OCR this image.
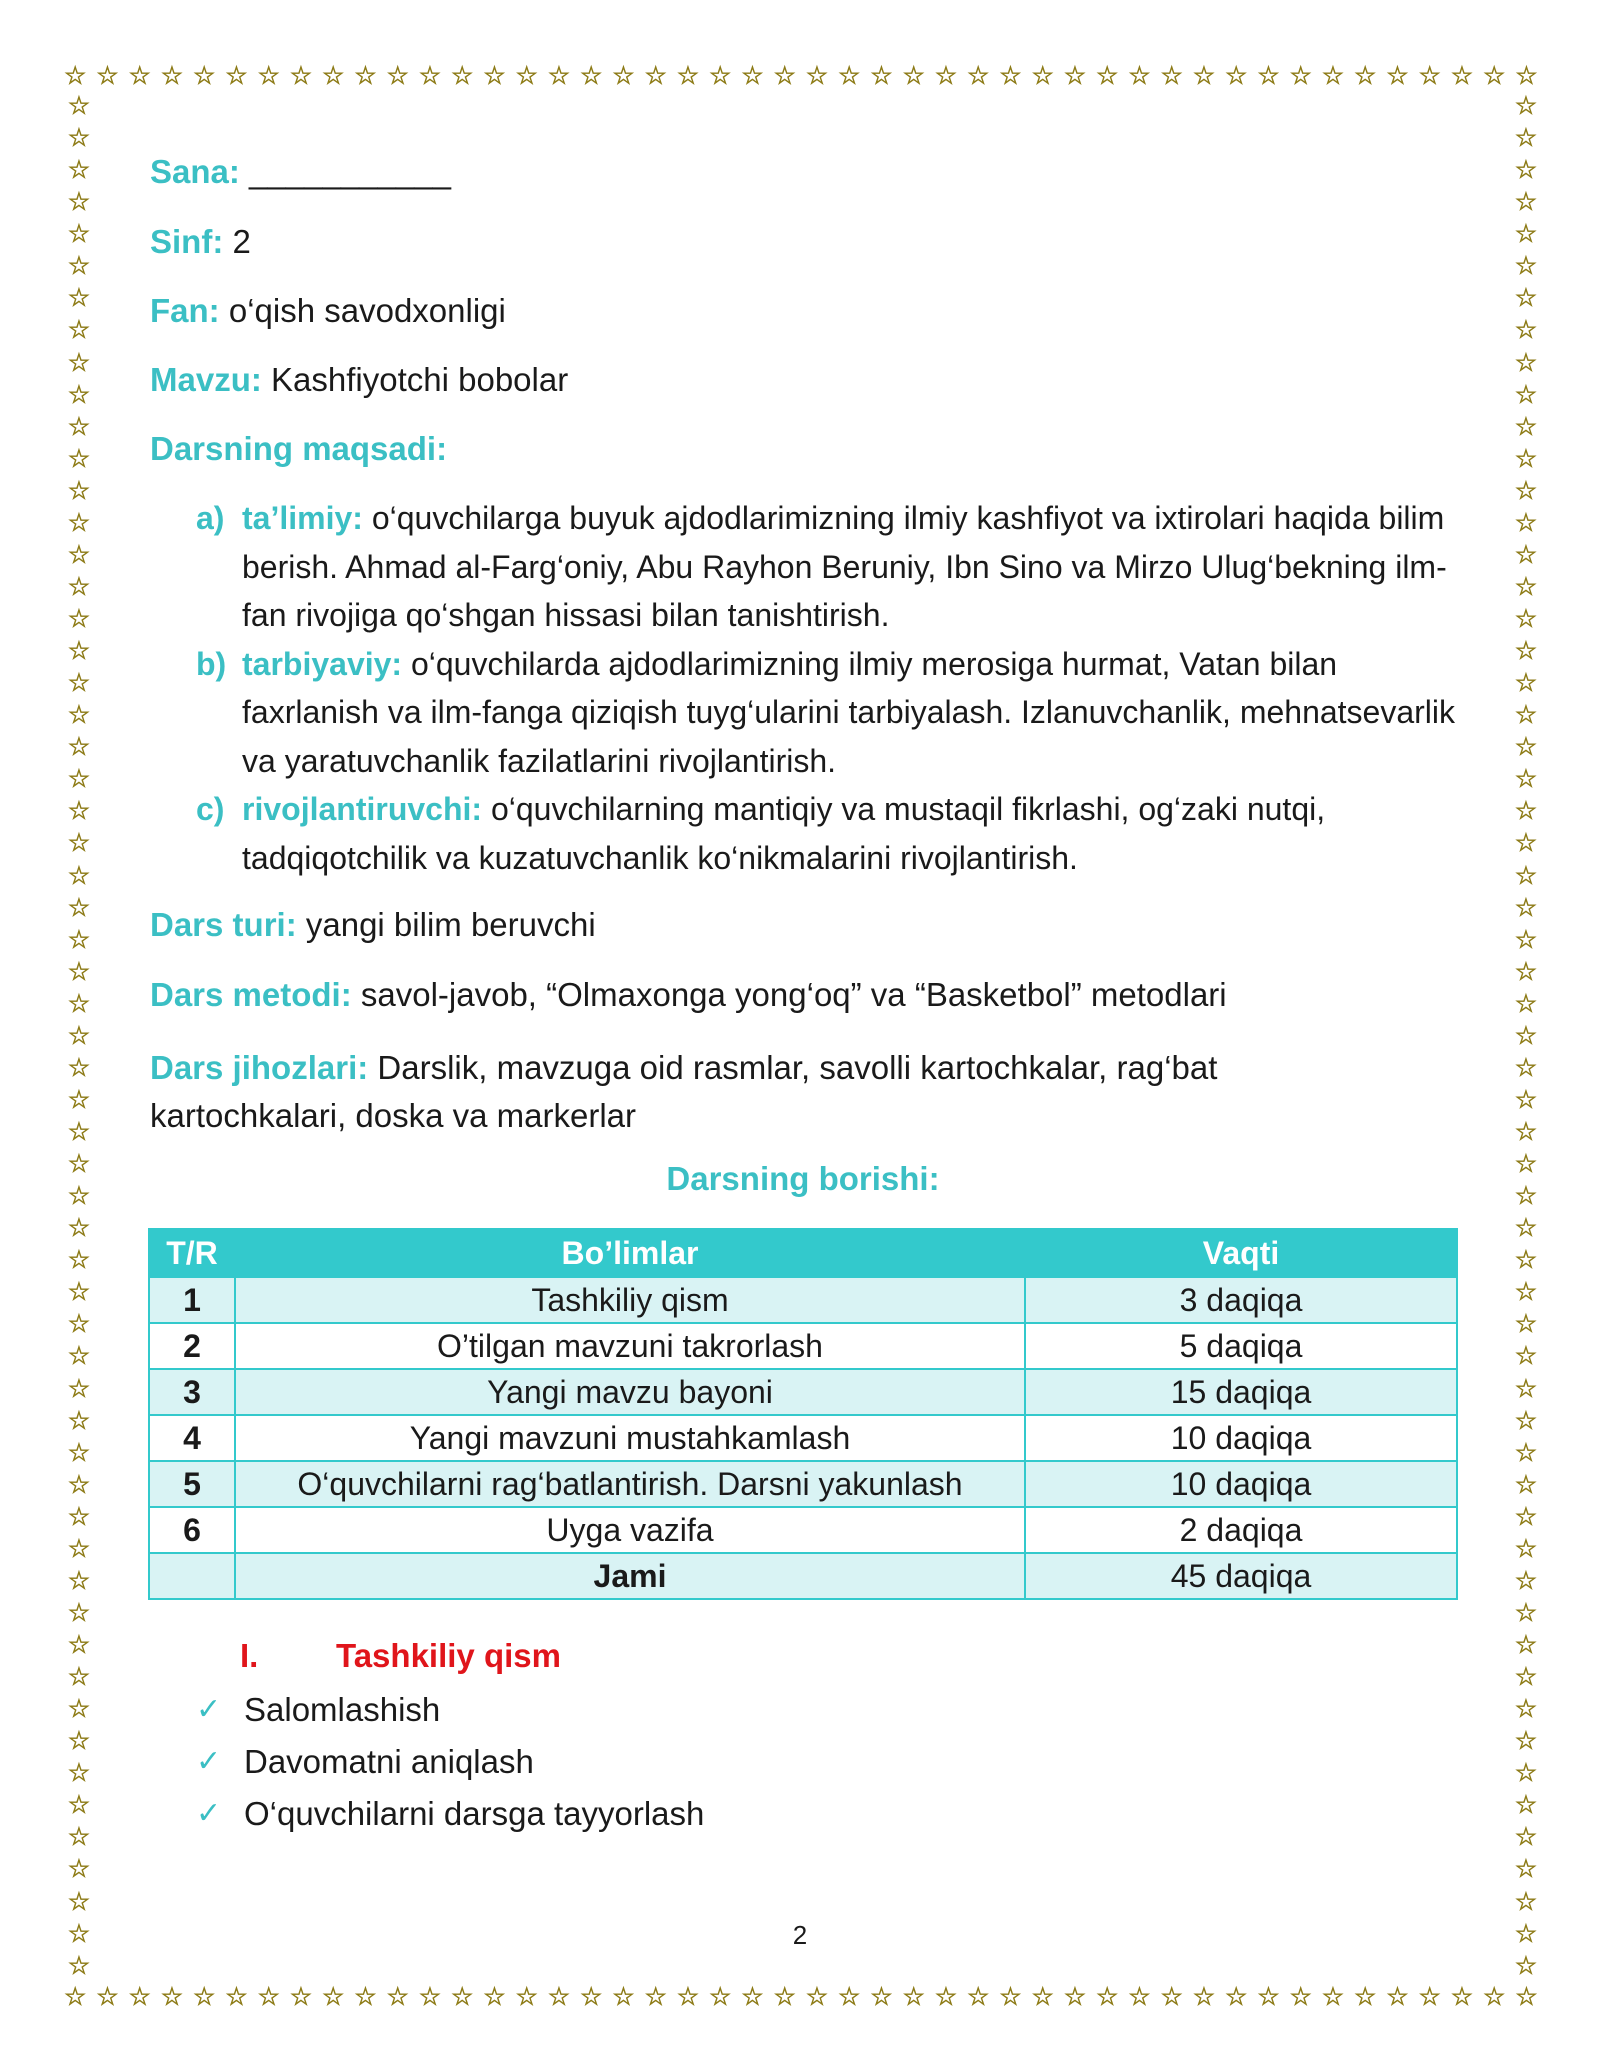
☆ ☆ ☆ ☆ ☆ ☆ ☆ ☆ ☆ ☆ ☆ ☆ ☆ ☆ ☆ ☆ ☆ ☆ ☆ ☆ ☆ ☆ ☆ ☆ ☆ ☆ ☆ ☆ ☆ ☆ ☆ ☆ ☆ ☆ ☆ ☆ ☆ ☆ ☆ ☆ ☆ ☆ ☆ ☆ ☆ ☆
☆ ☆ ☆ ☆ ☆ ☆ ☆ ☆ ☆ ☆ ☆ ☆ ☆ ☆ ☆ ☆ ☆ ☆ ☆ ☆ ☆ ☆ ☆ ☆ ☆ ☆ ☆ ☆ ☆ ☆ ☆ ☆ ☆ ☆ ☆ ☆ ☆ ☆ ☆ ☆ ☆ ☆ ☆ ☆ ☆ ☆
☆
☆
☆
☆
☆
☆
☆
☆
☆
☆
☆
☆
☆
☆
☆
☆
☆
☆
☆
☆
☆
☆
☆
☆
☆
☆
☆
☆
☆
☆
☆
☆
☆
☆
☆
☆
☆
☆
☆
☆
☆
☆
☆
☆
☆
☆
☆
☆
☆
☆
☆
☆
☆
☆
☆
☆
☆
☆
☆
☆
☆
☆
☆
☆
☆
☆
☆
☆
☆
☆
☆
☆
☆
☆
☆
☆
☆
☆
☆
☆
☆
☆
☆
☆
☆
☆
☆
☆
☆
☆
☆
☆
☆
☆
☆
☆
☆
☆
☆
☆
☆
☆
☆
☆
☆
☆
☆
☆
☆
☆
☆
☆
☆
☆
☆
☆
☆
☆
Sana: ___________
Sinf: 2
Fan: o‘qish savodxonligi
Mavzu: Kashfiyotchi bobolar
Darsning maqsadi:
a) ta’limiy: o‘quvchilarga buyuk ajdodlarimizning ilmiy kashfiyot va ixtirolari haqida bilim berish. Ahmad al-Farg‘oniy, Abu Rayhon Beruniy, Ibn Sino va Mirzo Ulug‘bekning ilm-fan rivojiga qo‘shgan hissasi bilan tanishtirish.
b) tarbiyaviy: o‘quvchilarda ajdodlarimizning ilmiy merosiga hurmat, Vatan bilan faxrlanish va ilm-fanga qiziqish tuyg‘ularini tarbiyalash. Izlanuvchanlik, mehnatsevarlik va yaratuvchanlik fazilatlarini rivojlantirish.
c) rivojlantiruvchi: o‘quvchilarning mantiqiy va mustaqil fikrlashi, og‘zaki nutqi, tadqiqotchilik va kuzatuvchanlik ko‘nikmalarini rivojlantirish.
Dars turi: yangi bilim beruvchi
Dars metodi: savol-javob, “Olmaxonga yong‘oq” va “Basketbol” metodlari
Dars jihozlari: Darslik, mavzuga oid rasmlar, savolli kartochkalar, rag‘bat kartochkalari, doska va markerlar
Darsning borishi:
T/R	Bo’limlar	Vaqti
1	Tashkiliy qism	3 daqiqa
2	O’tilgan mavzuni takrorlash	5 daqiqa
3	Yangi mavzu bayoni	15 daqiqa
4	Yangi mavzuni mustahkamlash	10 daqiqa
5	O‘quvchilarni rag‘batlantirish. Darsni yakunlash	10 daqiqa
6	Uyga vazifa	2 daqiqa
	Jami	45 daqiqa
I. Tashkiliy qism
✓ Salomlashish
✓ Davomatni aniqlash
✓ O‘quvchilarni darsga tayyorlash
2
